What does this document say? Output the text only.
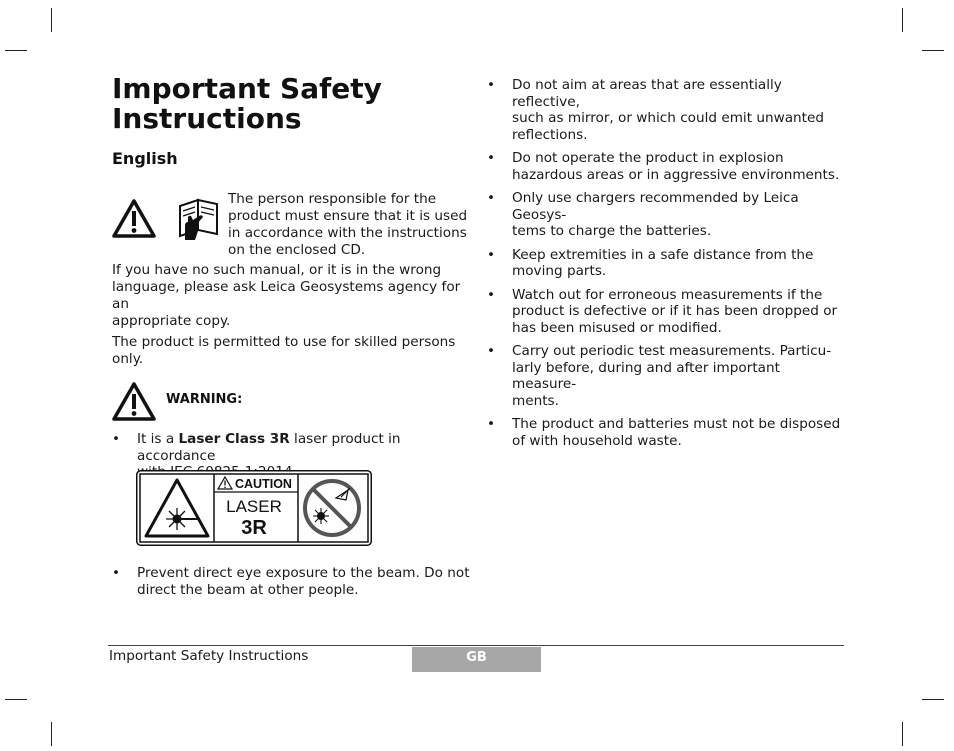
Important Safety
Instructions
English

The person responsible for the
product must ensure that it is used
in accordance with the instructions
on the enclosed CD.

If you have no such manual, or it is in the wrong
language, please ask Leica Geosystems agency for an
appropriate copy.

The product is permitted to use for skilled persons
only.

WARNING:
• It is a Laser Class 3R laser product in accordance

CAUTION
LASER
3R
• Prevent direct eye exposure to the beam. Do not
direct the beam at other people.
• Do not aim at areas that are essentially reflective,
such as mirror, or which could emit unwanted
reflections.
• Do not operate the product in explosion
hazardous areas or in aggressive environments.
• Only use chargers recommended by Leica Geosys-
tems to charge the batteries.
• Keep extremities in a safe distance from the
moving parts.
• Watch out for erroneous measurements if the
product is defective or if it has been dropped or
has been misused or modified.
• Carry out periodic test measurements. Particu-
larly before, during and after important measure-
ments.
• The product and batteries must not be disposed
of with household waste.
Important Safety Instructions	GB
